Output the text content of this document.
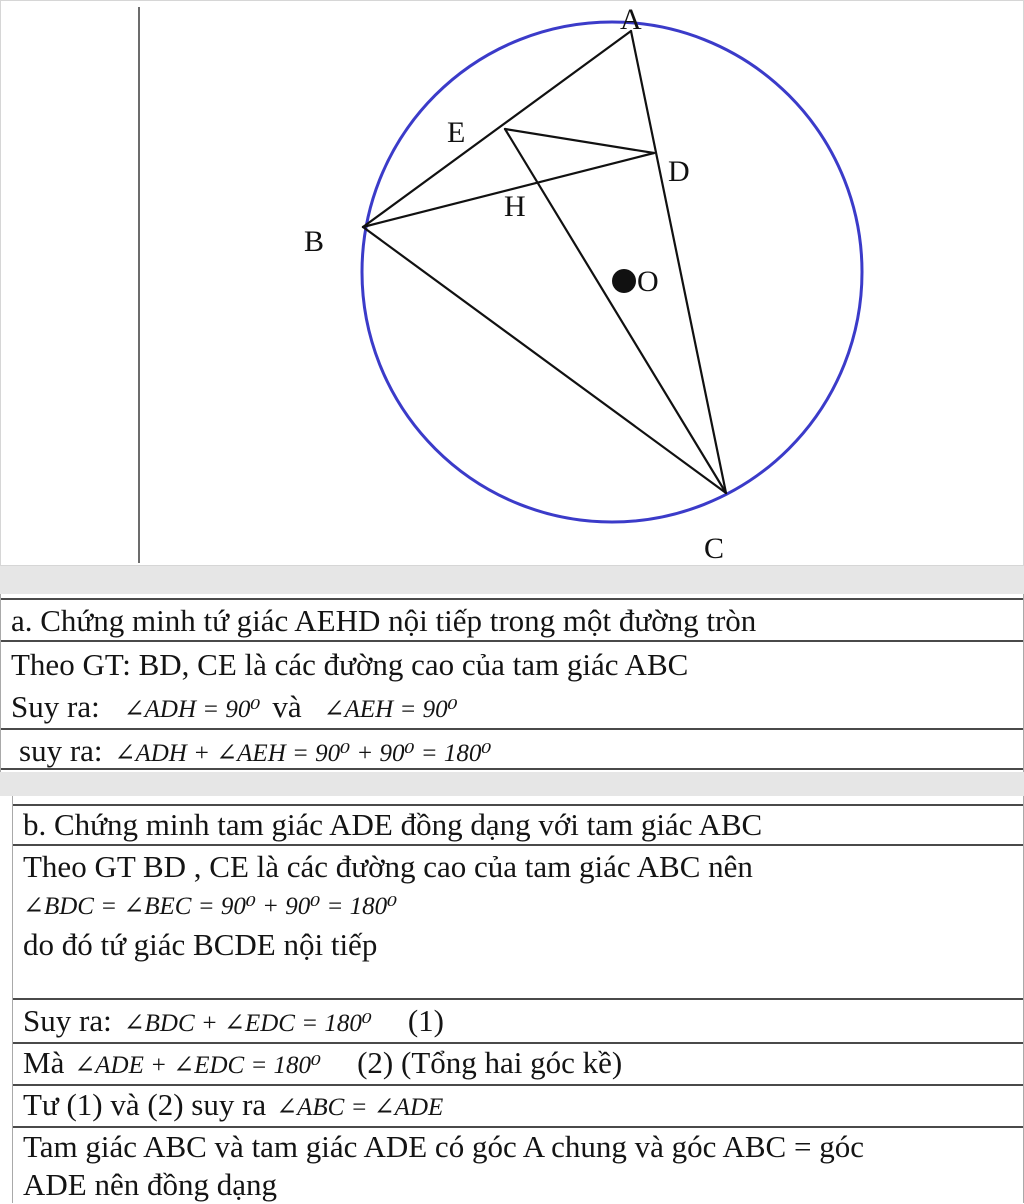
A
B
C
D
E
H
O
a. Chứng minh tứ giác AEHD nội tiếp trong một đường tròn
Theo GT: BD, CE là các đường cao của tam giác ABC
Suy ra: ∠ADH = 90⁰ và ∠AEH = 90⁰
suy ra: ∠ADH + ∠AEH = 90⁰ + 90⁰ = 180⁰
b. Chứng minh tam giác ADE đồng dạng với tam giác ABC
Theo GT BD , CE là các đường cao của tam giác ABC nên
∠BDC = ∠BEC = 90⁰ + 90⁰ = 180⁰
do đó tứ giác BCDE nội tiếp
Suy ra: ∠BDC + ∠EDC = 180⁰ (1)
Mà ∠ADE + ∠EDC = 180⁰ (2) (Tổng hai góc kề)
Tư (1) và (2) suy ra ∠ABC = ∠ADE
Tam giác ABC và tam giác ADE có góc A chung và góc ABC = góc
ADE nên đồng dạng
